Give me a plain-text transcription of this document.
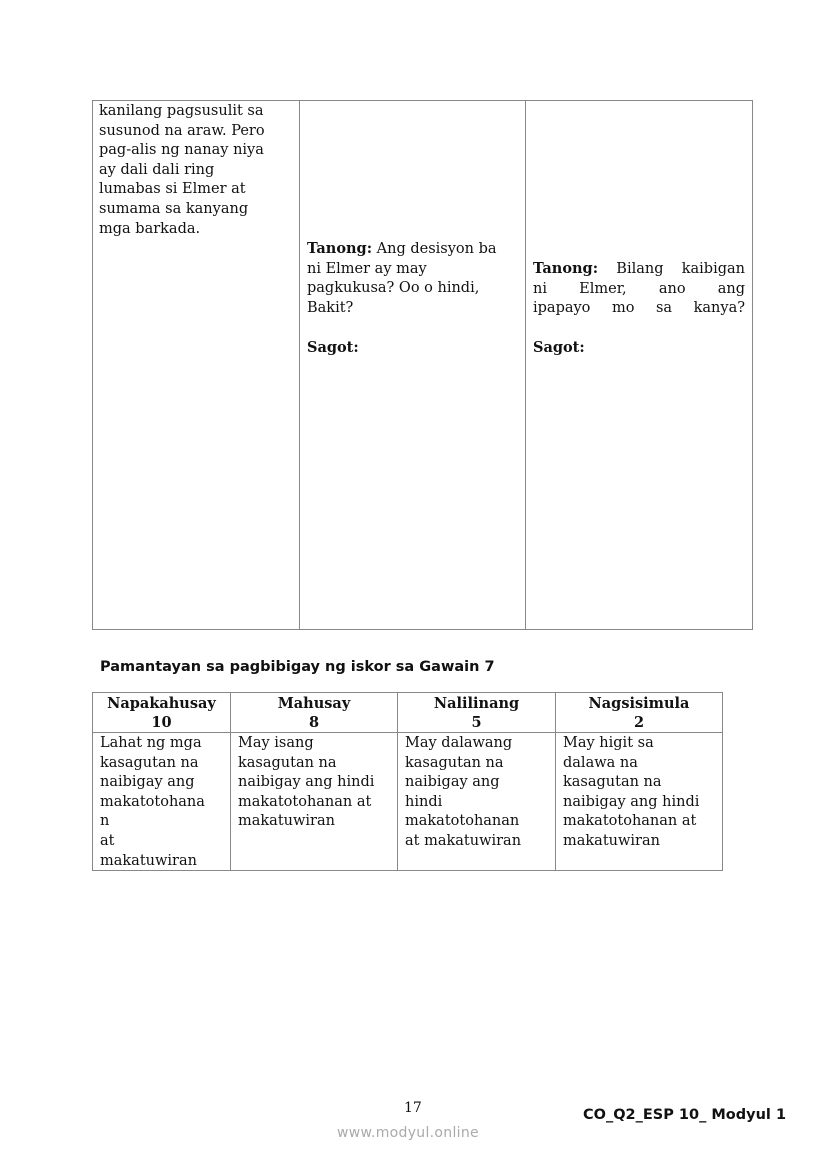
kanilang pagsusulit sa
susunod na araw. Pero
pag-alis ng nanay niya
ay dali dali ring
lumabas si Elmer at
sumama sa kanyang
mga barkada.
Tanong: Ang desisyon ba
ni Elmer ay may
pagkukusa? Oo o hindi,
Bakit?

Sagot:
Tanong: Bilang kaibigan
ni Elmer, ano ang
ipapayo mo sa kanya?

Sagot:
Pamantayan sa pagbibigay ng iskor sa Gawain 7
Napakahusay
10
Lahat ng mga
kasagutan na
naibigay ang
makatotohana
n
at
makatuwiran
Mahusay
8
May isang
kasagutan na
naibigay ang hindi
makatotohanan at
makatuwiran
Nalilinang
5
May dalawang
kasagutan na
naibigay ang
hindi
makatotohanan
at makatuwiran
Nagsisimula
2
May higit sa
dalawa na
kasagutan na
naibigay ang hindi
makatotohanan at
makatuwiran
17	CO_Q2_ESP 10_ Modyul 1
www.modyul.online
